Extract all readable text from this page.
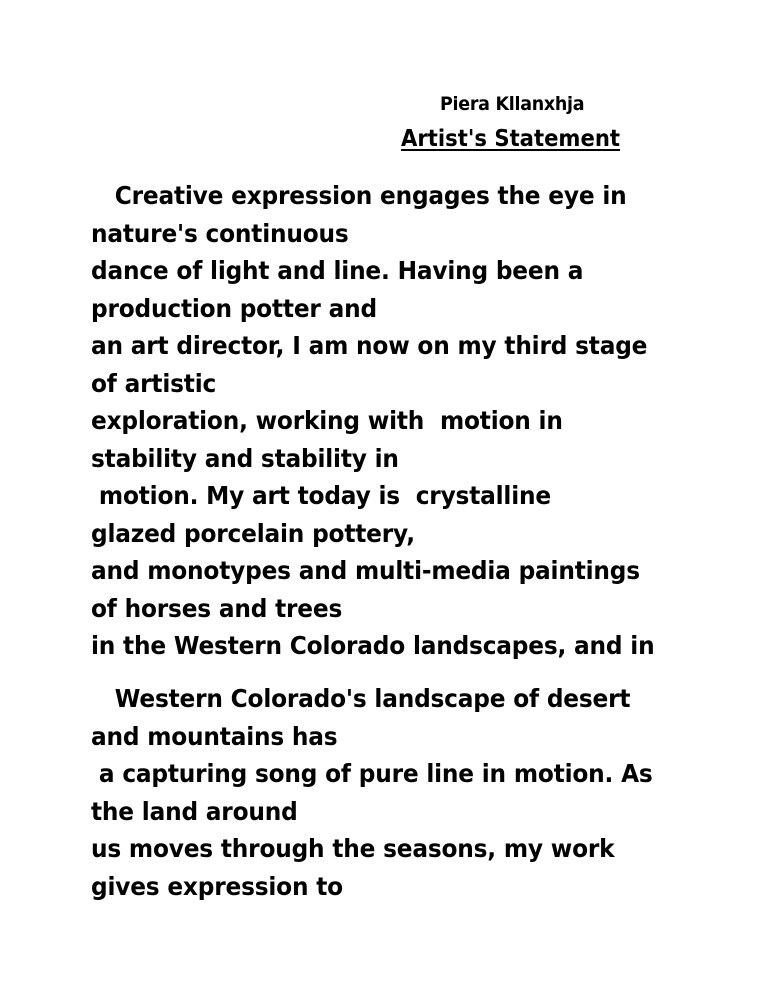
Piera Kllanxhja
Artist's Statement
Creative expression engages the eye in
nature's continuous
dance of light and line. Having been a
production potter and
an art director, I am now on my third stage
of artistic
exploration, working with  motion in
stability and stability in
motion. My art today is  crystalline
glazed porcelain pottery,
and monotypes and multi-media paintings
of horses and trees
in the Western Colorado landscapes, and in
Western Colorado's landscape of desert
and mountains has
a capturing song of pure line in motion. As
the land around
us moves through the seasons, my work
gives expression to
